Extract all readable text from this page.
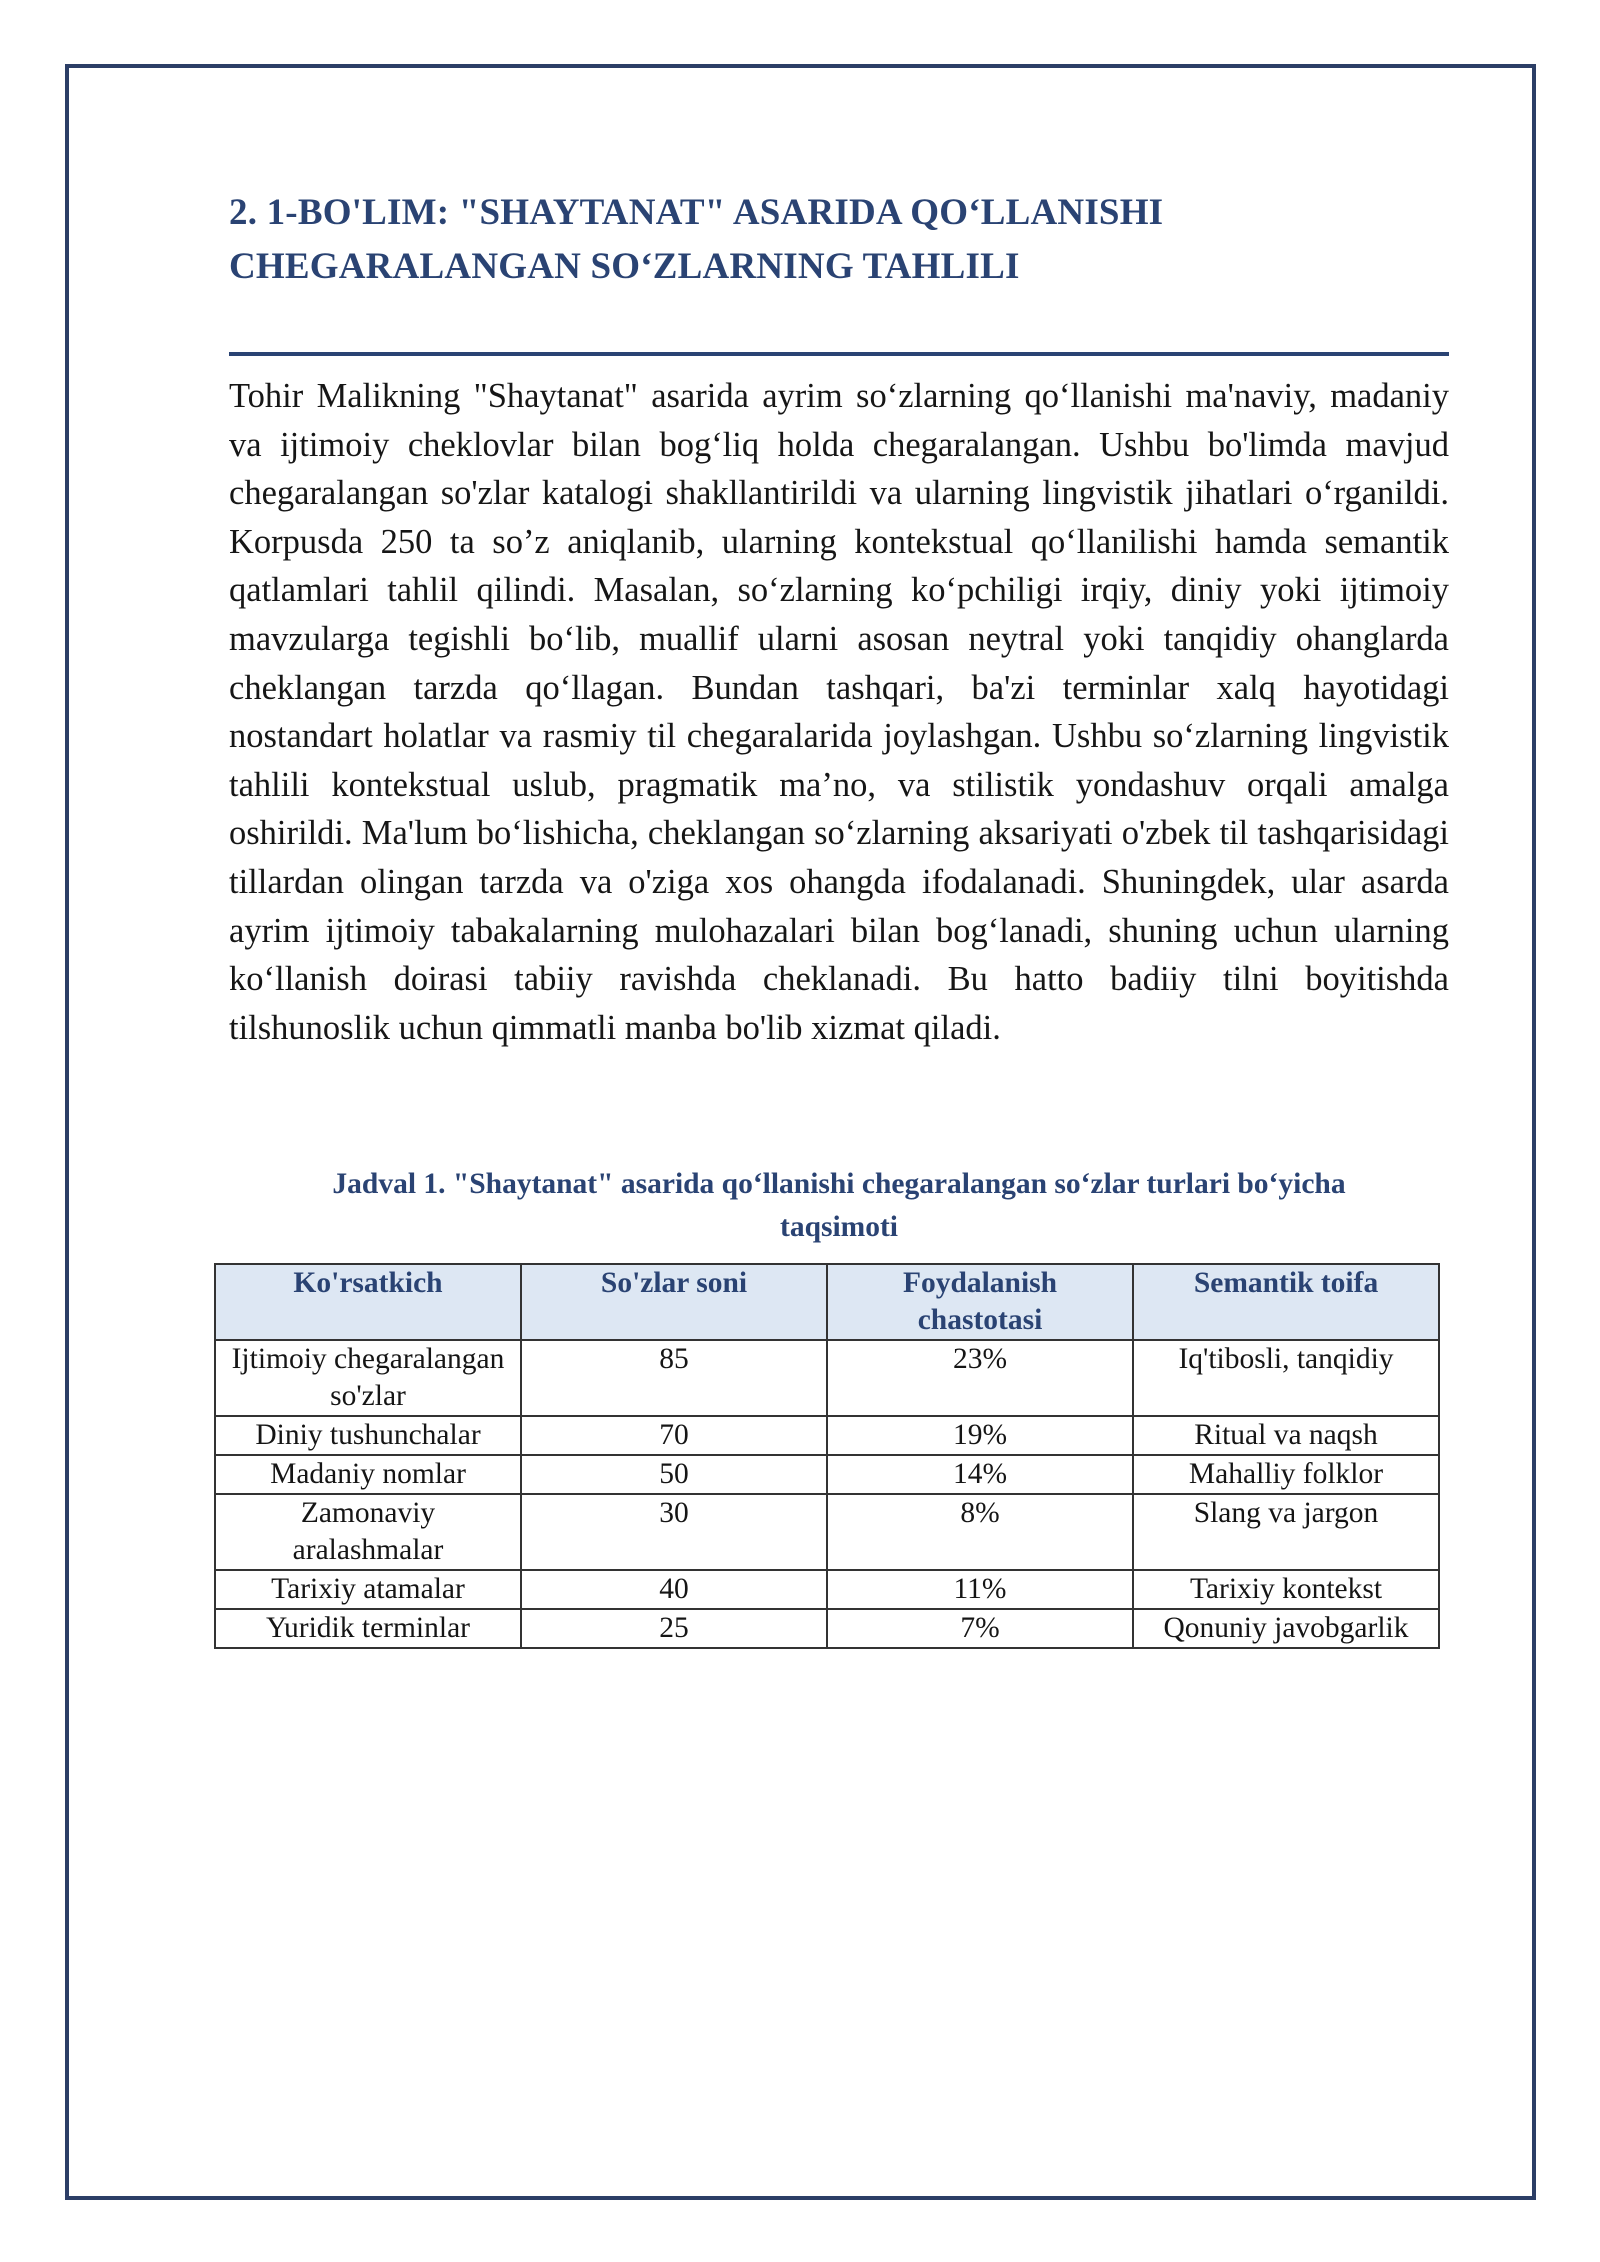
2. 1-BO'LIM: "SHAYTANAT" ASARIDA QO‘LLANISHI
CHEGARALANGAN SO‘ZLARNING TAHLILI

Tohir Malikning "Shaytanat" asarida ayrim so‘zlarning qo‘llanishi ma'naviy, madaniy va ijtimoiy cheklovlar bilan bog‘liq holda chegaralangan. Ushbu bo'limda mavjud chegaralangan so'zlar katalogi shakllantirildi va ularning lingvistik jihatlari o‘rganildi. Korpusda 250 ta so’z aniqlanib, ularning kontekstual qo‘llanilishi hamda semantik qatlamlari tahlil qilindi. Masalan, so‘zlarning ko‘pchiligi irqiy, diniy yoki ijtimoiy mavzularga tegishli bo‘lib, muallif ularni asosan neytral yoki tanqidiy ohanglarda cheklangan tarzda qo‘llagan. Bundan tashqari, ba'zi terminlar xalq hayotidagi nostandart holatlar va rasmiy til chegaralarida joylashgan. Ushbu so‘zlarning lingvistik tahlili kontekstual uslub, pragmatik ma’no, va stilistik yondashuv orqali amalga oshirildi. Ma'lum bo‘lishicha, cheklangan so‘zlarning aksariyati o'zbek til tashqarisidagi tillardan olingan tarzda va o'ziga xos ohangda ifodalanadi. Shuningdek, ular asarda ayrim ijtimoiy tabakalarning mulohazalari bilan bog‘lanadi, shuning uchun ularning ko‘llanish doirasi tabiiy ravishda cheklanadi. Bu hatto badiiy tilni boyitishda tilshunoslik uchun qimmatli manba bo'lib xizmat qiladi.

Jadval 1. "Shaytanat" asarida qo‘llanishi chegaralangan so‘zlar turlari bo‘yicha
taqsimoti

Ko'rsatkich	So'zlar soni	Foydalanish chastotasi	Semantik toifa
Ijtimoiy chegaralangan so'zlar	85	23%	Iq'tibosli, tanqidiy
Diniy tushunchalar	70	19%	Ritual va naqsh
Madaniy nomlar	50	14%	Mahalliy folklor
Zamonaviy aralashmalar	30	8%	Slang va jargon
Tarixiy atamalar	40	11%	Tarixiy kontekst
Yuridik terminlar	25	7%	Qonuniy javobgarlik
